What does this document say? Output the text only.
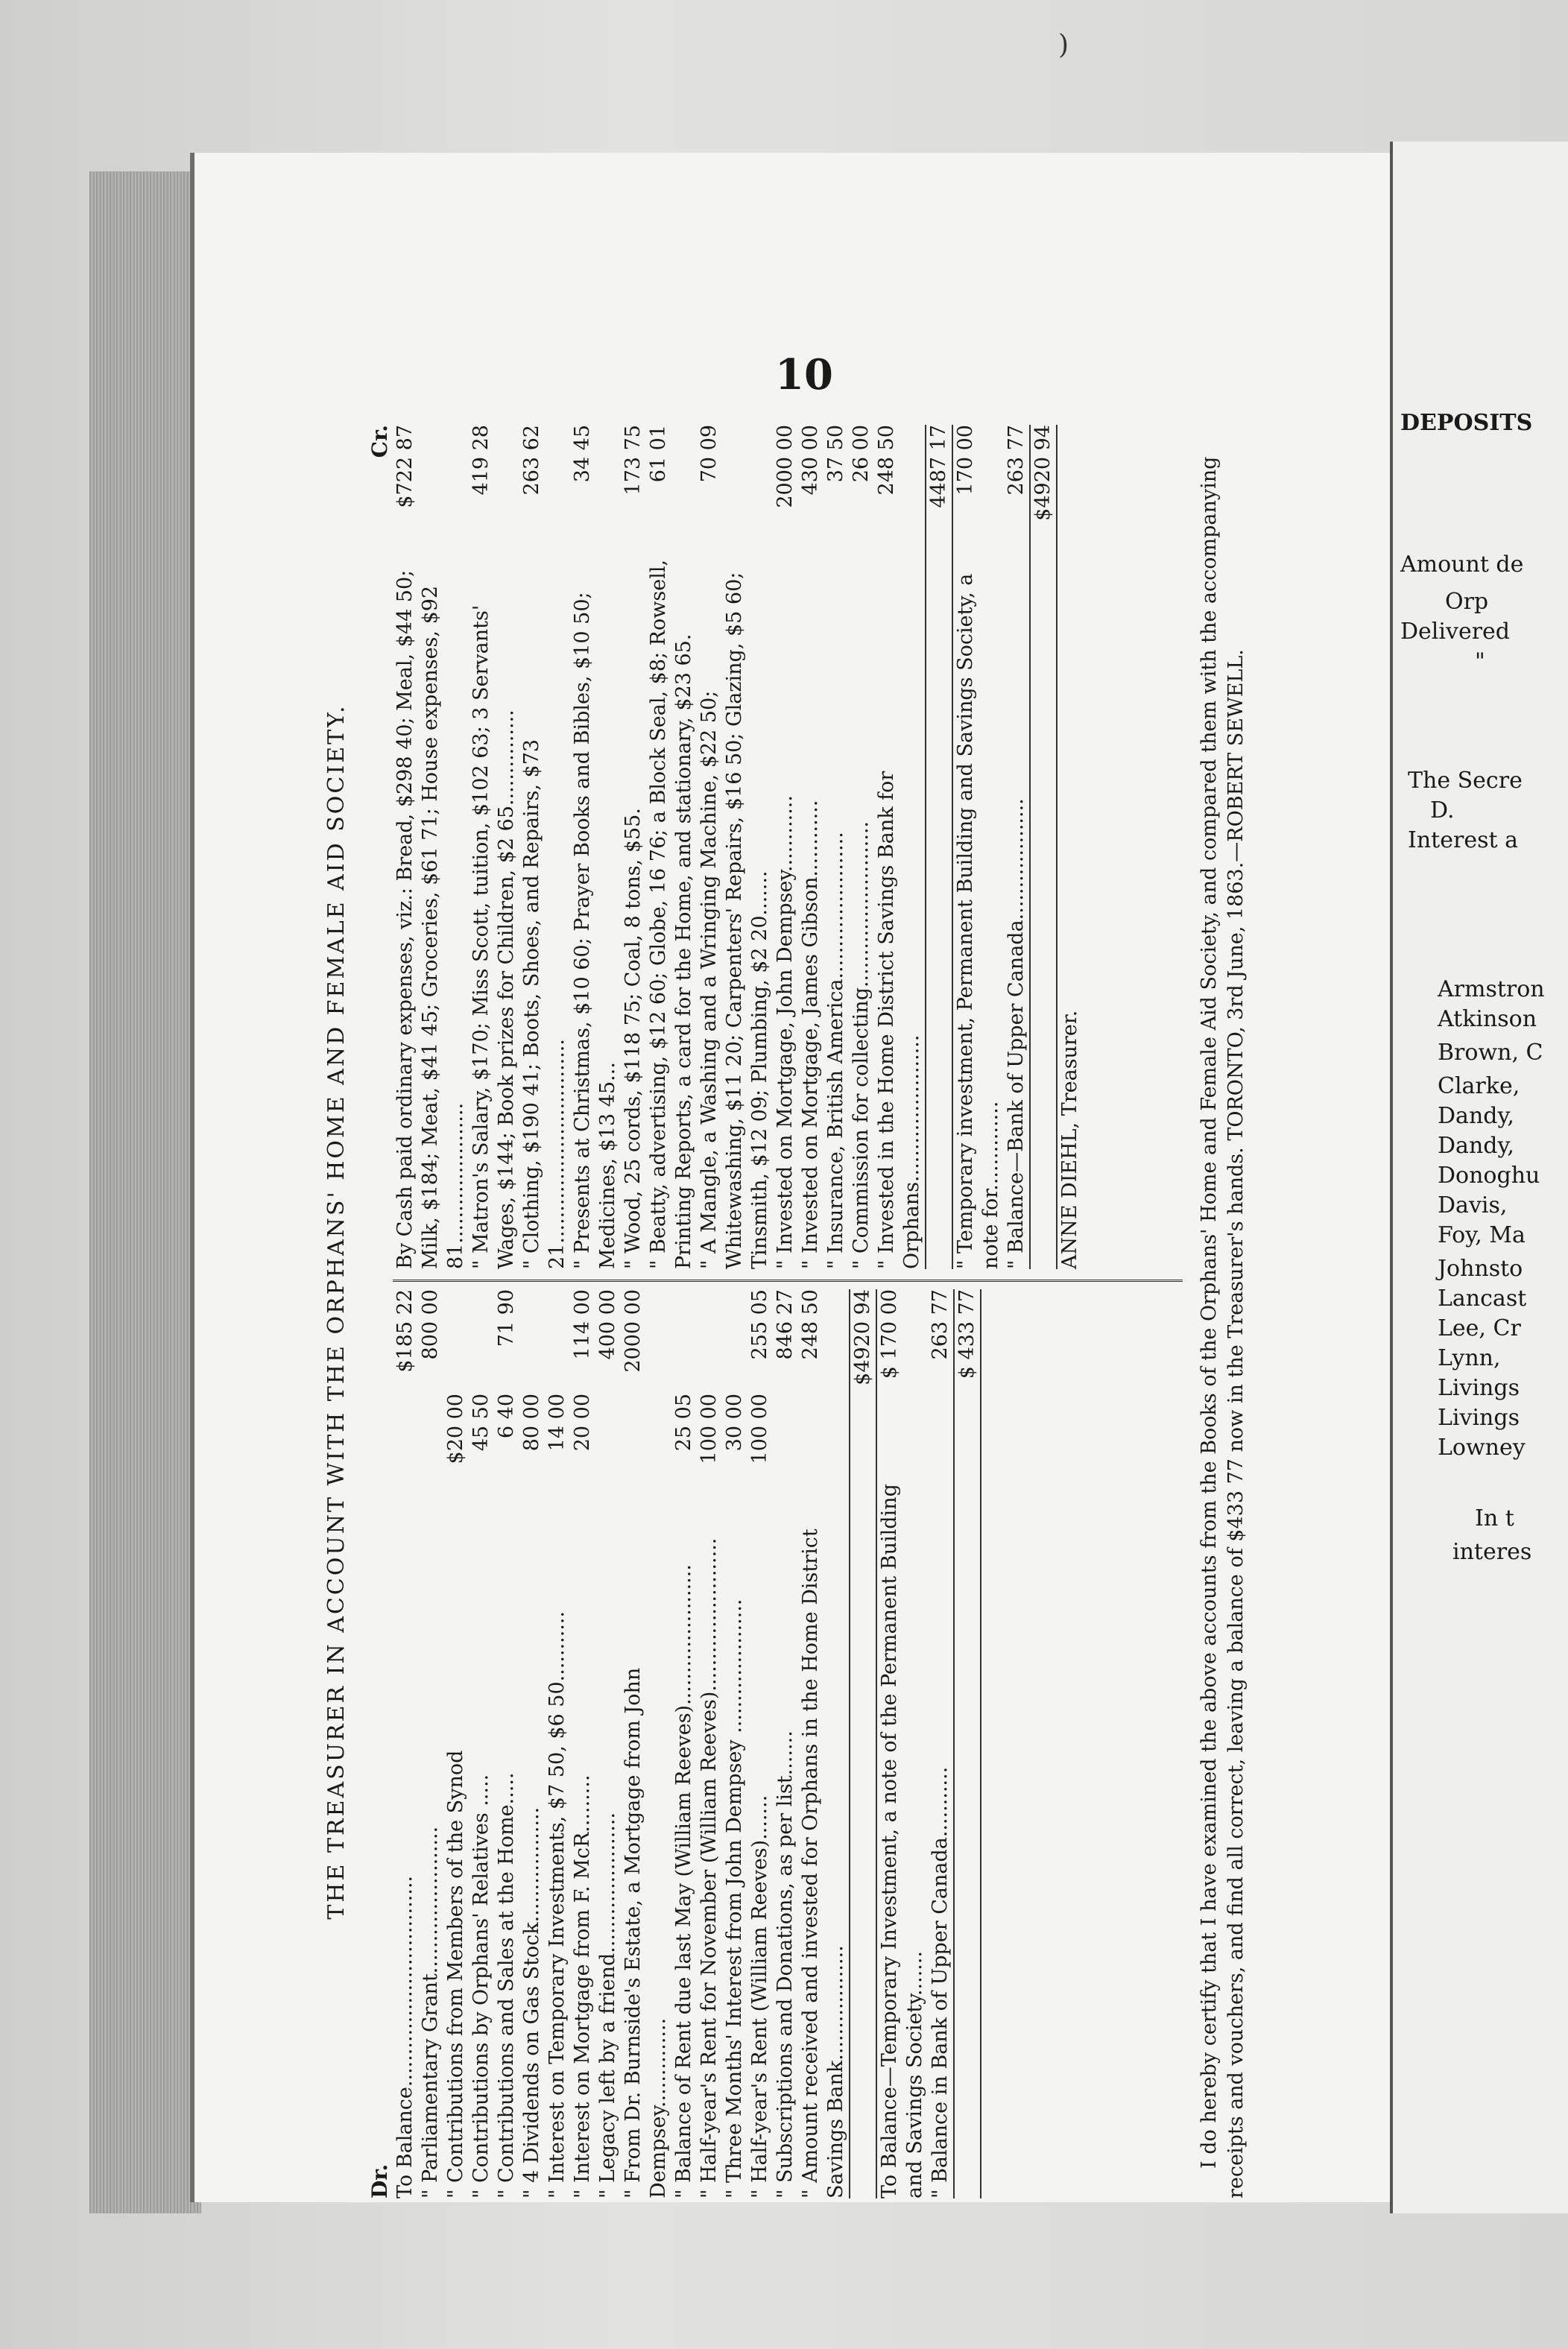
)
10
THE TREASURER IN ACCOUNT WITH THE ORPHANS' HOME AND FEMALE AID SOCIETY.
Dr.
Cr.
To Balance.................................
$185 22
" Parliamentary Grant.......................
800 00
" Contributions from Members of the Synod
$20 00
" Contributions by Orphans' Relatives .....
45 50
" Contributions and Sales at the Home.....
6 40
71 90
" 4 Dividends on Gas Stock..................
80 00
" Interest on Temporary Investments, $7 50, $6 50...........
14 00
" Interest on Mortgage from F. McR.........
20 00
114 00
" Legacy left by a friend......................
400 00
" From Dr. Burnside's Estate, a Mortgage from John Dempsey..............
2000 00
" Balance of Rent due last May (William Reeves)......................
25 05
" Half-year's Rent for November (William Reeves)........................
100 00
" Three Months' Interest from John Dempsey .....................
30 00
" Half-year's Rent (William Reeves).......
100 00
255 05
" Subscriptions and Donations, as per list.......
846 27
" Amount received and invested for Orphans in the Home District Savings Bank..................
248 50 $4920 94
To Balance—Temporary Investment, a note of the Permanent Building and Savings Society.......
$ 170 00
" Balance in Bank of Upper Canada...........
263 77 $ 433 77
By Cash paid ordinary expenses, viz.: Bread, $298 40; Meal, $44 50; Milk, $184; Meat, $41 45; Groceries, $61 71; House expenses, $92 81......................
$722 87
" Matron's Salary, $170; Miss Scott, tuition, $102 63; 3 Servants' Wages, $144; Book prizes for Children, $2 65...............
419 28
" Clothing, $190 41; Boots, Shoes, and Repairs, $73 21................................
263 62
" Presents at Christmas, $10 60; Prayer Books and Bibles, $10 50; Medicines, $13 45...
34 45
" Wood, 25 cords, $118 75; Coal, 8 tons, $55.
173 75
" Beatty, advertising, $12 60; Globe, 16 76; a Block Seal, $8; Rowsell, Printing Reports, a card for the Home, and stationary, $23 65.
61 01
" A Mangle, a Washing and a Wringing Machine, $22 50; Whitewashing, $11 20; Carpenters' Repairs, $16 50; Glazing, $5 60; Tinsmith, $12 09; Plumbing, $2 20.......
70 09
" Invested on Mortgage, John Dempsey............
2000 00
" Invested on Mortgage, James Gibson............
430 00
" Insurance, British America.......................
37 50
" Commission for collecting..........................
26 00
" Invested in the Home District Savings Bank for Orphans.......................
248 50 4487 17
" Temporary investment, Permanent Building and Savings Society, a note for..............
170 00
" Balance—Bank of Upper Canada...................
263 77 $4920 94
ANNE DIEHL, Treasurer.	I do hereby certify that I have examined the above accounts from the Books of the Orphans' Home and Female Aid Society, and compared them with the accompanying receipts and vouchers, and find all correct, leaving a balance of $433 77 now in the Treasurer's hands. TORONTO, 3rd June, 1863.—ROBERT SEWELL.
DEPOSITS
Amount de
Orp
Delivered
"
The Secre
D.
Interest a
Armstron
Atkinson
Brown, C
Clarke,
Dandy,
Dandy,
Donoghu
Davis,
Foy, Ma
Johnsto
Lancast
Lee, Cr
Lynn,
Livings
Livings
Lowney
In t
interes
